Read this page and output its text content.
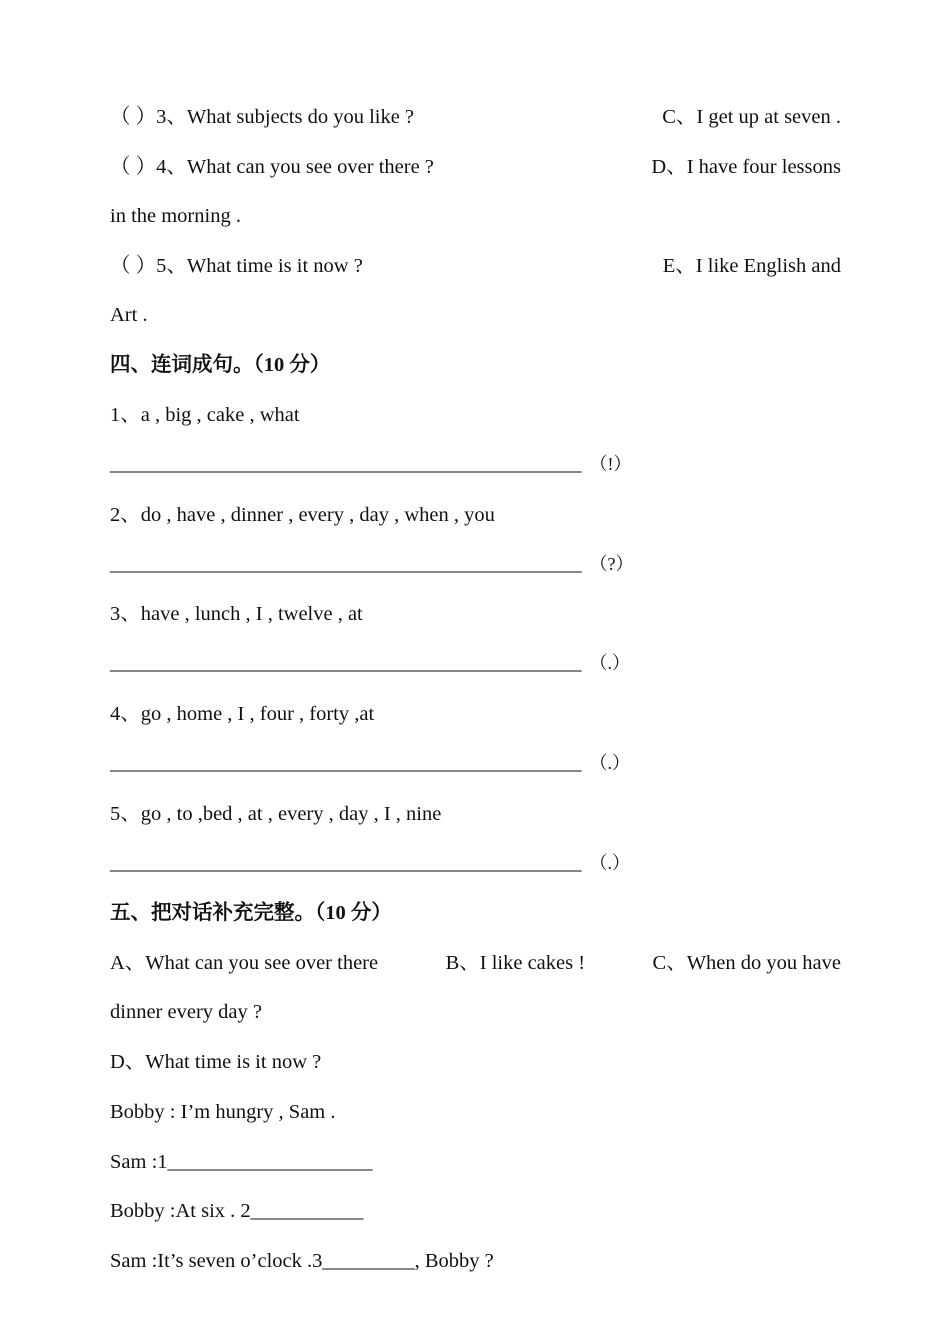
（ ）3、What subjects do you like ?	C、I get up at seven .
（ ）4、What can you see over there ?	D、I have four lessons
in the morning .
（ ）5、What time is it now ?	E、I like English and
Art .
四、连词成句。（10 分）
1、a , big , cake , what
______________________________________________ （!）
2、do , have , dinner , every , day , when , you
______________________________________________ （?）
3、have , lunch , I , twelve , at
______________________________________________ （.）
4、go , home , I , four , forty ,at
______________________________________________ （.）
5、go , to ,bed , at , every , day , I , nine
______________________________________________ （.）
五、把对话补充完整。（10 分）
A、What can you see over there	B、I like cakes !	C、When do you have
dinner every day ?
D、What time is it now ?
Bobby : I’m hungry , Sam .
Sam :1____________________
Bobby :At six . 2___________
Sam :It’s seven o’clock .3_________, Bobby ?
